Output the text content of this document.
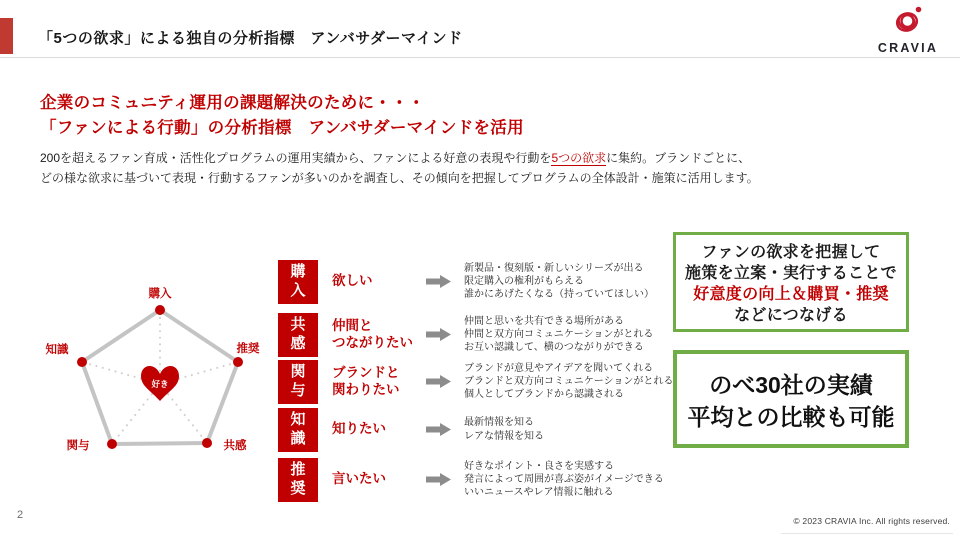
「5つの欲求」による独自の分析指標　アンバサダーマインド
CRAVIA
企業のコミュニティ運用の課題解決のために・・・
「ファンによる行動」の分析指標　アンバサダーマインドを活用
200を超えるファン育成・活性化プログラムの運用実績から、ファンによる好意の表現や行動を5つの欲求に集約。ブランドごとに、
どの様な欲求に基づいて表現・行動するファンが多いのかを調査し、その傾向を把握してプログラムの全体設計・施策に活用します。
好き
購入
推奨
共感
関与
知識
購
入
欲しい
新製品・復刻版・新しいシリーズが出る
限定購入の権利がもらえる
誰かにあげたくなる（持っていてほしい）
共
感
仲間と
つながりたい
仲間と思いを共有できる場所がある
仲間と双方向コミュニケーションがとれる
お互い認識して、横のつながりができる
関
与
ブランドと
関わりたい
ブランドが意見やアイデアを聞いてくれる
ブランドと双方向コミュニケーションがとれる
個人としてブランドから認識される
知
識
知りたい	最新情報を知る
レアな情報を知る
推
奨
言いたい
好きなポイント・良さを実感する
発言によって周囲が喜ぶ姿がイメージできる
いいニュースやレア情報に触れる
ファンの欲求を把握して
施策を立案・実行することで
好意度の向上＆購買・推奨
などにつなげる
のべ30社の実績
平均との比較も可能
2	© 2023 CRAVIA Inc. All rights reserved.
